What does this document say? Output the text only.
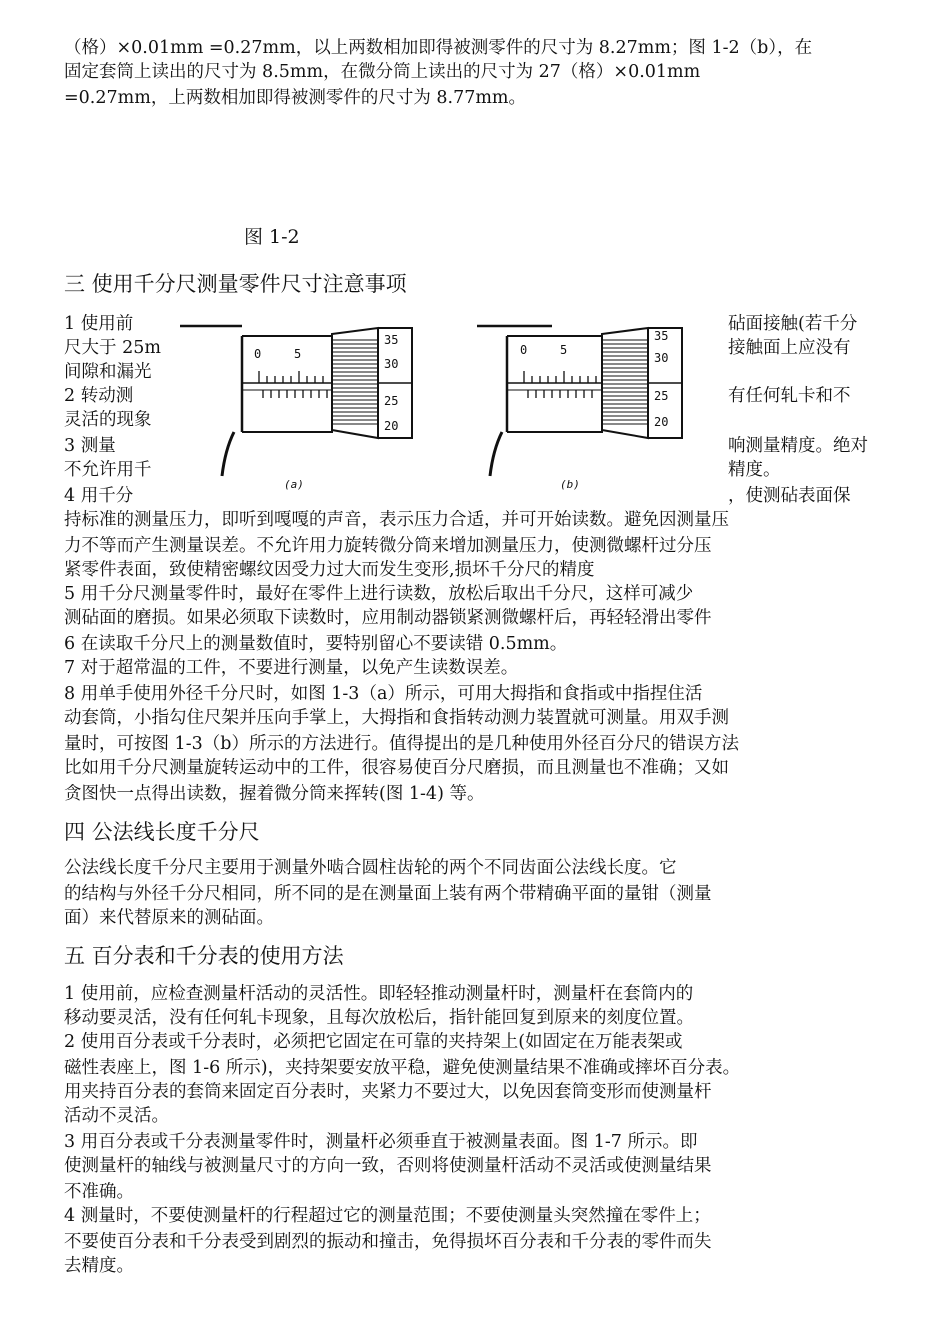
（格）×0.01mm =0.27mm，以上两数相加即得被测零件的尺寸为 8.27mm；图 1-2（b），在
固定套筒上读出的尺寸为 8.5mm，在微分筒上读出的尺寸为 27（格）×0.01mm
=0.27mm，上两数相加即得被测零件的尺寸为 8.77mm。
图 1-2
三 使用千分尺测量零件尺寸注意事项
1 使用前	砧面接触(若千分
尺大于 25m	接触面上应没有
间隙和漏光
2 转动测	有任何轧卡和不
灵活的现象
3 测量	响测量精度。绝对
不允许用千	精度。
4 用千分	，使测砧表面保
持标准的测量压力，即听到嘎嘎的声音，表示压力合适，并可开始读数。避免因测量压
力不等而产生测量误差。不允许用力旋转微分筒来增加测量压力，使测微螺杆过分压
紧零件表面，致使精密螺纹因受力过大而发生变形,损坏千分尺的精度
5 用千分尺测量零件时，最好在零件上进行读数，放松后取出千分尺，这样可减少
测砧面的磨损。如果必须取下读数时，应用制动器锁紧测微螺杆后，再轻轻滑出零件
6 在读取千分尺上的测量数值时，要特别留心不要读错 0.5mm。
7 对于超常温的工件，不要进行测量，以免产生读数误差。
8 用单手使用外径千分尺时，如图 1-3（a）所示，可用大拇指和食指或中指捏住活
动套筒，小指勾住尺架并压向手掌上，大拇指和食指转动测力装置就可测量。用双手测
量时，可按图 1-3（b）所示的方法进行。值得提出的是几种使用外径百分尺的错误方法
比如用千分尺测量旋转运动中的工件，很容易使百分尺磨损，而且测量也不准确；又如
贪图快一点得出读数，握着微分筒来挥转(图 1-4) 等。
0	5
35
30
25
20
(a)
0	5
35
30
25
20
(b)
四 公法线长度千分尺
公法线长度千分尺主要用于测量外啮合圆柱齿轮的两个不同齿面公法线长度。它
的结构与外径千分尺相同，所不同的是在测量面上装有两个带精确平面的量钳（测量
面）来代替原来的测砧面。
五 百分表和千分表的使用方法
1 使用前，应检查测量杆活动的灵活性。即轻轻推动测量杆时，测量杆在套筒内的
移动要灵活，没有任何轧卡现象，且每次放松后，指针能回复到原来的刻度位置。
2 使用百分表或千分表时，必须把它固定在可靠的夹持架上(如固定在万能表架或
磁性表座上，图 1-6 所示)，夹持架要安放平稳，避免使测量结果不准确或摔坏百分表。
用夹持百分表的套筒来固定百分表时，夹紧力不要过大，以免因套筒变形而使测量杆
活动不灵活。
3 用百分表或千分表测量零件时，测量杆必须垂直于被测量表面。图 1-7 所示。即
使测量杆的轴线与被测量尺寸的方向一致，否则将使测量杆活动不灵活或使测量结果
不准确。
4 测量时，不要使测量杆的行程超过它的测量范围；不要使测量头突然撞在零件上；
不要使百分表和千分表受到剧烈的振动和撞击，免得损坏百分表和千分表的零件而失
去精度。
